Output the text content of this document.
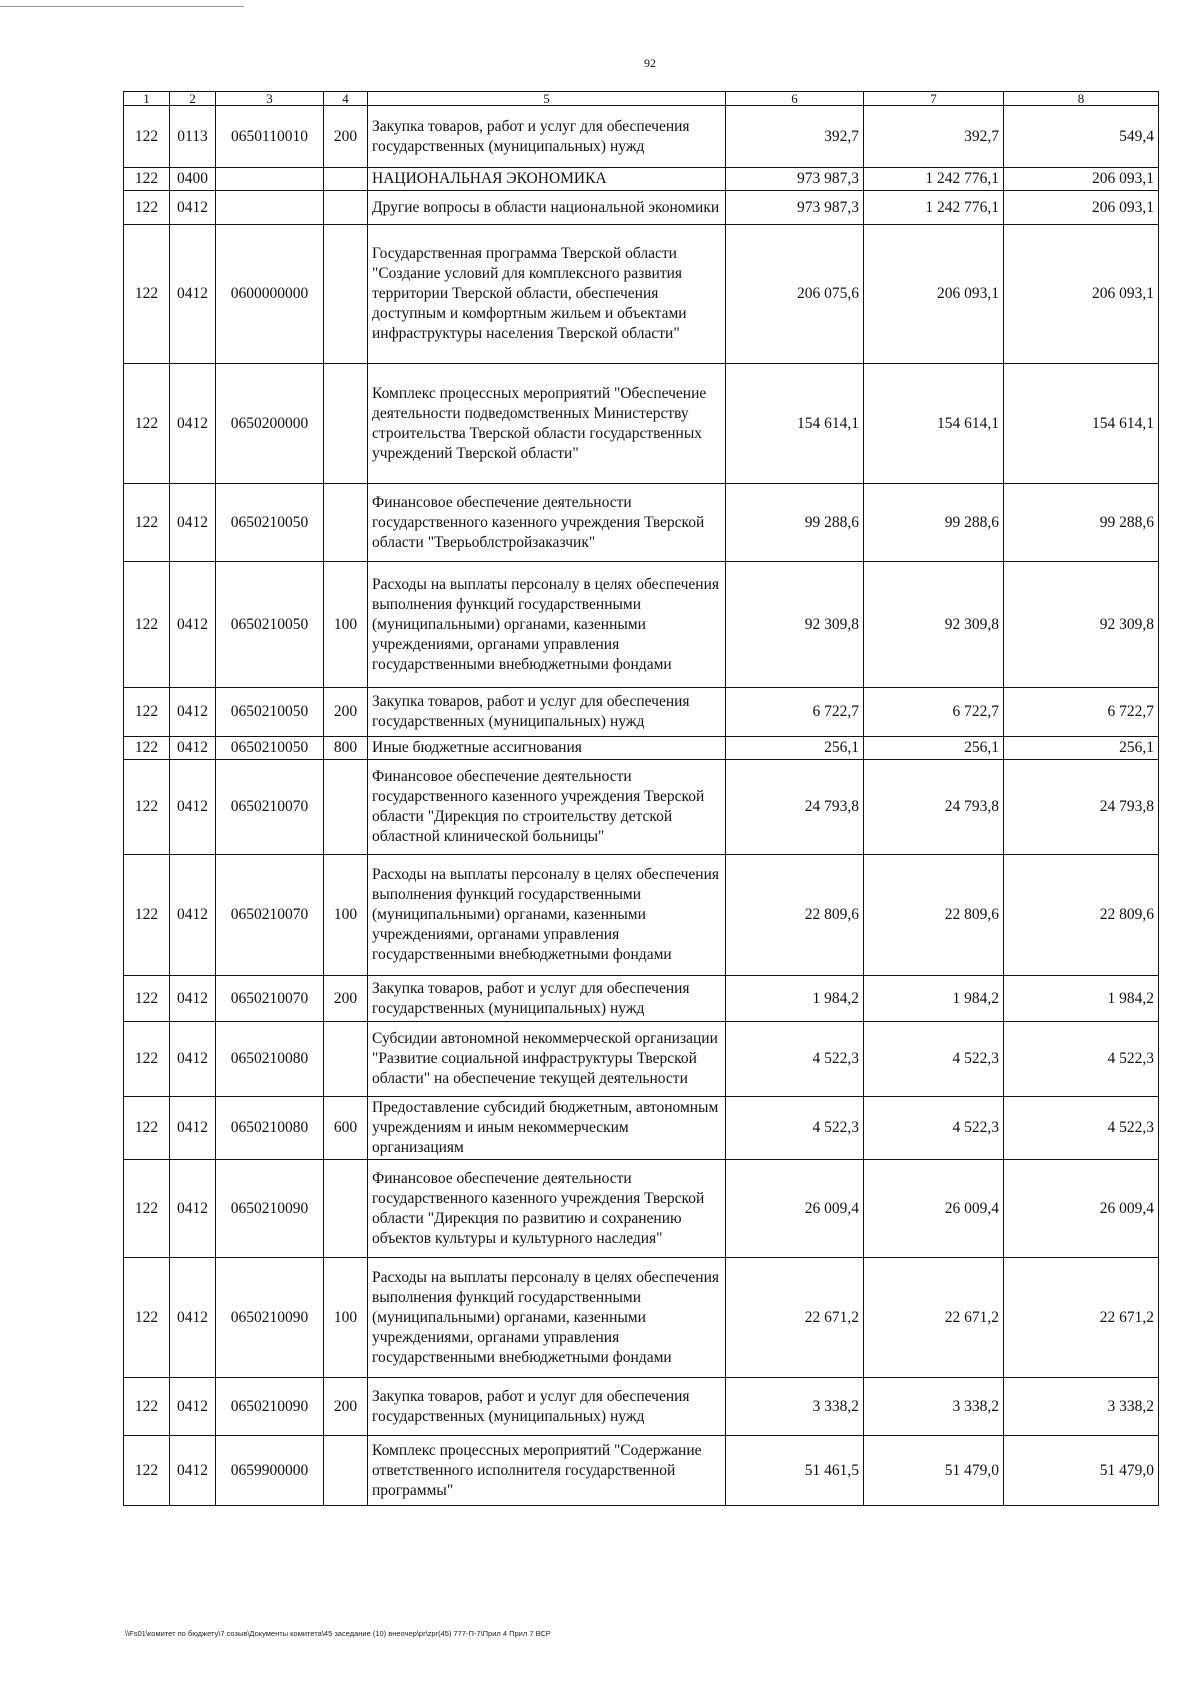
92
1	2	3	4	5	6	7	8
122	0113	0650110010	200	Закупка товаров, работ и услуг для обеспечения государственных (муниципальных) нужд	392,7	392,7	549,4
122	0400			НАЦИОНАЛЬНАЯ ЭКОНОМИКА	973 987,3	1 242 776,1	206 093,1
122	0412			Другие вопросы в области национальной экономики	973 987,3	1 242 776,1	206 093,1
122	0412	0600000000		Государственная программа Тверской области "Создание условий для комплексного развития территории Тверской области, обеспечения доступным и комфортным жильем и объектами инфраструктуры населения Тверской области"	206 075,6	206 093,1	206 093,1
122	0412	0650200000		Комплекс процессных мероприятий "Обеспечение деятельности подведомственных Министерству строительства Тверской области государственных учреждений Тверской области"	154 614,1	154 614,1	154 614,1
122	0412	0650210050		Финансовое обеспечение деятельности государственного казенного учреждения Тверской области "Тверьоблстройзаказчик"	99 288,6	99 288,6	99 288,6
122	0412	0650210050	100	Расходы на выплаты персоналу в целях обеспечения выполнения функций государственными (муниципальными) органами, казенными учреждениями, органами управления государственными внебюджетными фондами	92 309,8	92 309,8	92 309,8
122	0412	0650210050	200	Закупка товаров, работ и услуг для обеспечения государственных (муниципальных) нужд	6 722,7	6 722,7	6 722,7
122	0412	0650210050	800	Иные бюджетные ассигнования	256,1	256,1	256,1
122	0412	0650210070		Финансовое обеспечение деятельности государственного казенного учреждения Тверской области "Дирекция по строительству детской областной клинической больницы"	24 793,8	24 793,8	24 793,8
122	0412	0650210070	100	Расходы на выплаты персоналу в целях обеспечения выполнения функций государственными (муниципальными) органами, казенными учреждениями, органами управления государственными внебюджетными фондами	22 809,6	22 809,6	22 809,6
122	0412	0650210070	200	Закупка товаров, работ и услуг для обеспечения государственных (муниципальных) нужд	1 984,2	1 984,2	1 984,2
122	0412	0650210080		Субсидии автономной некоммерческой организации "Развитие социальной инфраструктуры Тверской области" на обеспечение текущей деятельности	4 522,3	4 522,3	4 522,3
122	0412	0650210080	600	Предоставление субсидий бюджетным, автономным учреждениям и иным некоммерческим организациям	4 522,3	4 522,3	4 522,3
122	0412	0650210090		Финансовое обеспечение деятельности государственного казенного учреждения Тверской области "Дирекция по развитию и сохранению объектов культуры и культурного наследия"	26 009,4	26 009,4	26 009,4
122	0412	0650210090	100	Расходы на выплаты персоналу в целях обеспечения выполнения функций государственными (муниципальными) органами, казенными учреждениями, органами управления государственными внебюджетными фондами	22 671,2	22 671,2	22 671,2
122	0412	0650210090	200	Закупка товаров, работ и услуг для обеспечения государственных (муниципальных) нужд	3 338,2	3 338,2	3 338,2
122	0412	0659900000		Комплекс процессных мероприятий "Содержание ответственного исполнителя государственной программы"	51 461,5	51 479,0	51 479,0
\\Fs01\комитет по бюджету\7 созыв\Документы комитета\45 заседание (10) внеочер\pr\zpr(45) 777-П-7\Прил 4 Прил 7 ВСР
